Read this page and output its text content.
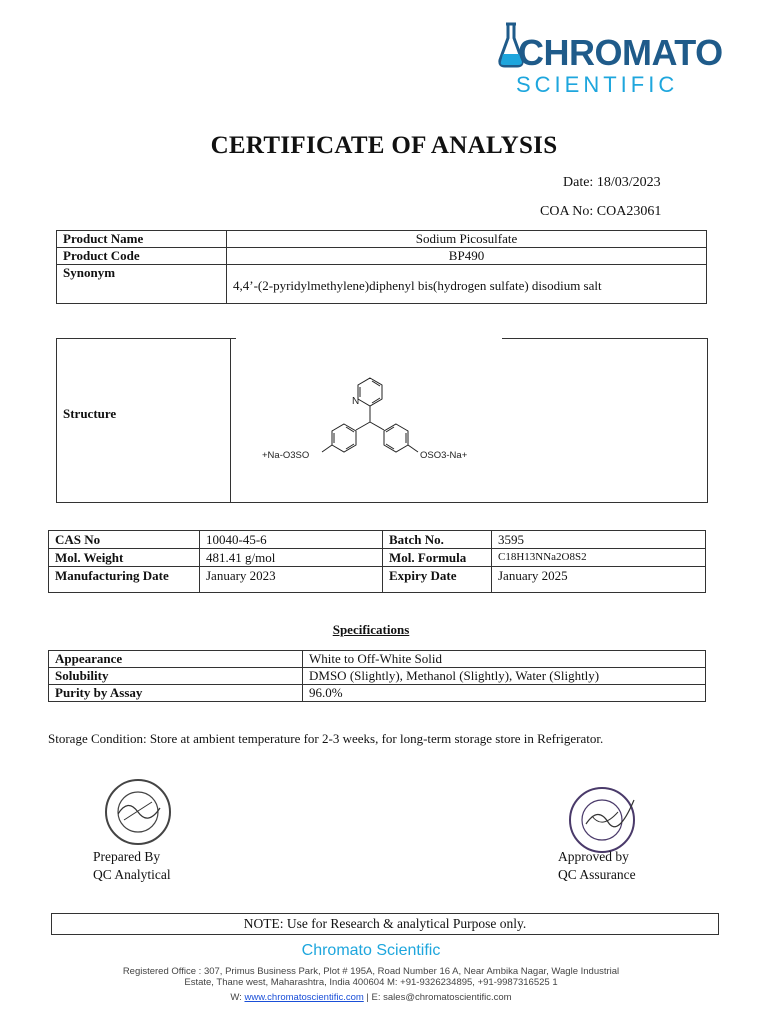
CHROMATO
SCIENTIFIC
CERTIFICATE OF ANALYSIS
Date: 18/03/2023
COA No: COA23061
Product Name	Sodium Picosulfate
Product Code	BP490
Synonym	4,4’-(2-pyridylmethylene)diphenyl bis(hydrogen sulfate) disodium salt
Structure
N
+Na-O3SO	OSO3-Na+
CAS No	10040-45-6	Batch No.	3595
Mol. Weight	481.41 g/mol	Mol. Formula	C18H13NNa2O8S2
Manufacturing Date	January 2023	Expiry Date	January 2025
Specifications
Appearance	White to Off-White Solid
Solubility	DMSO (Slightly), Methanol (Slightly), Water (Slightly)
Purity by Assay	96.0%
Storage Condition: Store at ambient temperature for 2-3 weeks, for long-term storage store in Refrigerator.
Prepared By
QC Analytical
Approved by
QC Assurance
NOTE: Use for Research & analytical Purpose only.
Chromato Scientific
Registered Office : 307, Primus Business Park, Plot # 195A, Road Number 16 A, Near Ambika Nagar, Wagle Industrial
Estate, Thane west, Maharashtra, India 400604 M: +91-9326234895, +91-9987316525 1
W: www.chromatoscientific.com | E: sales@chromatoscientific.com
